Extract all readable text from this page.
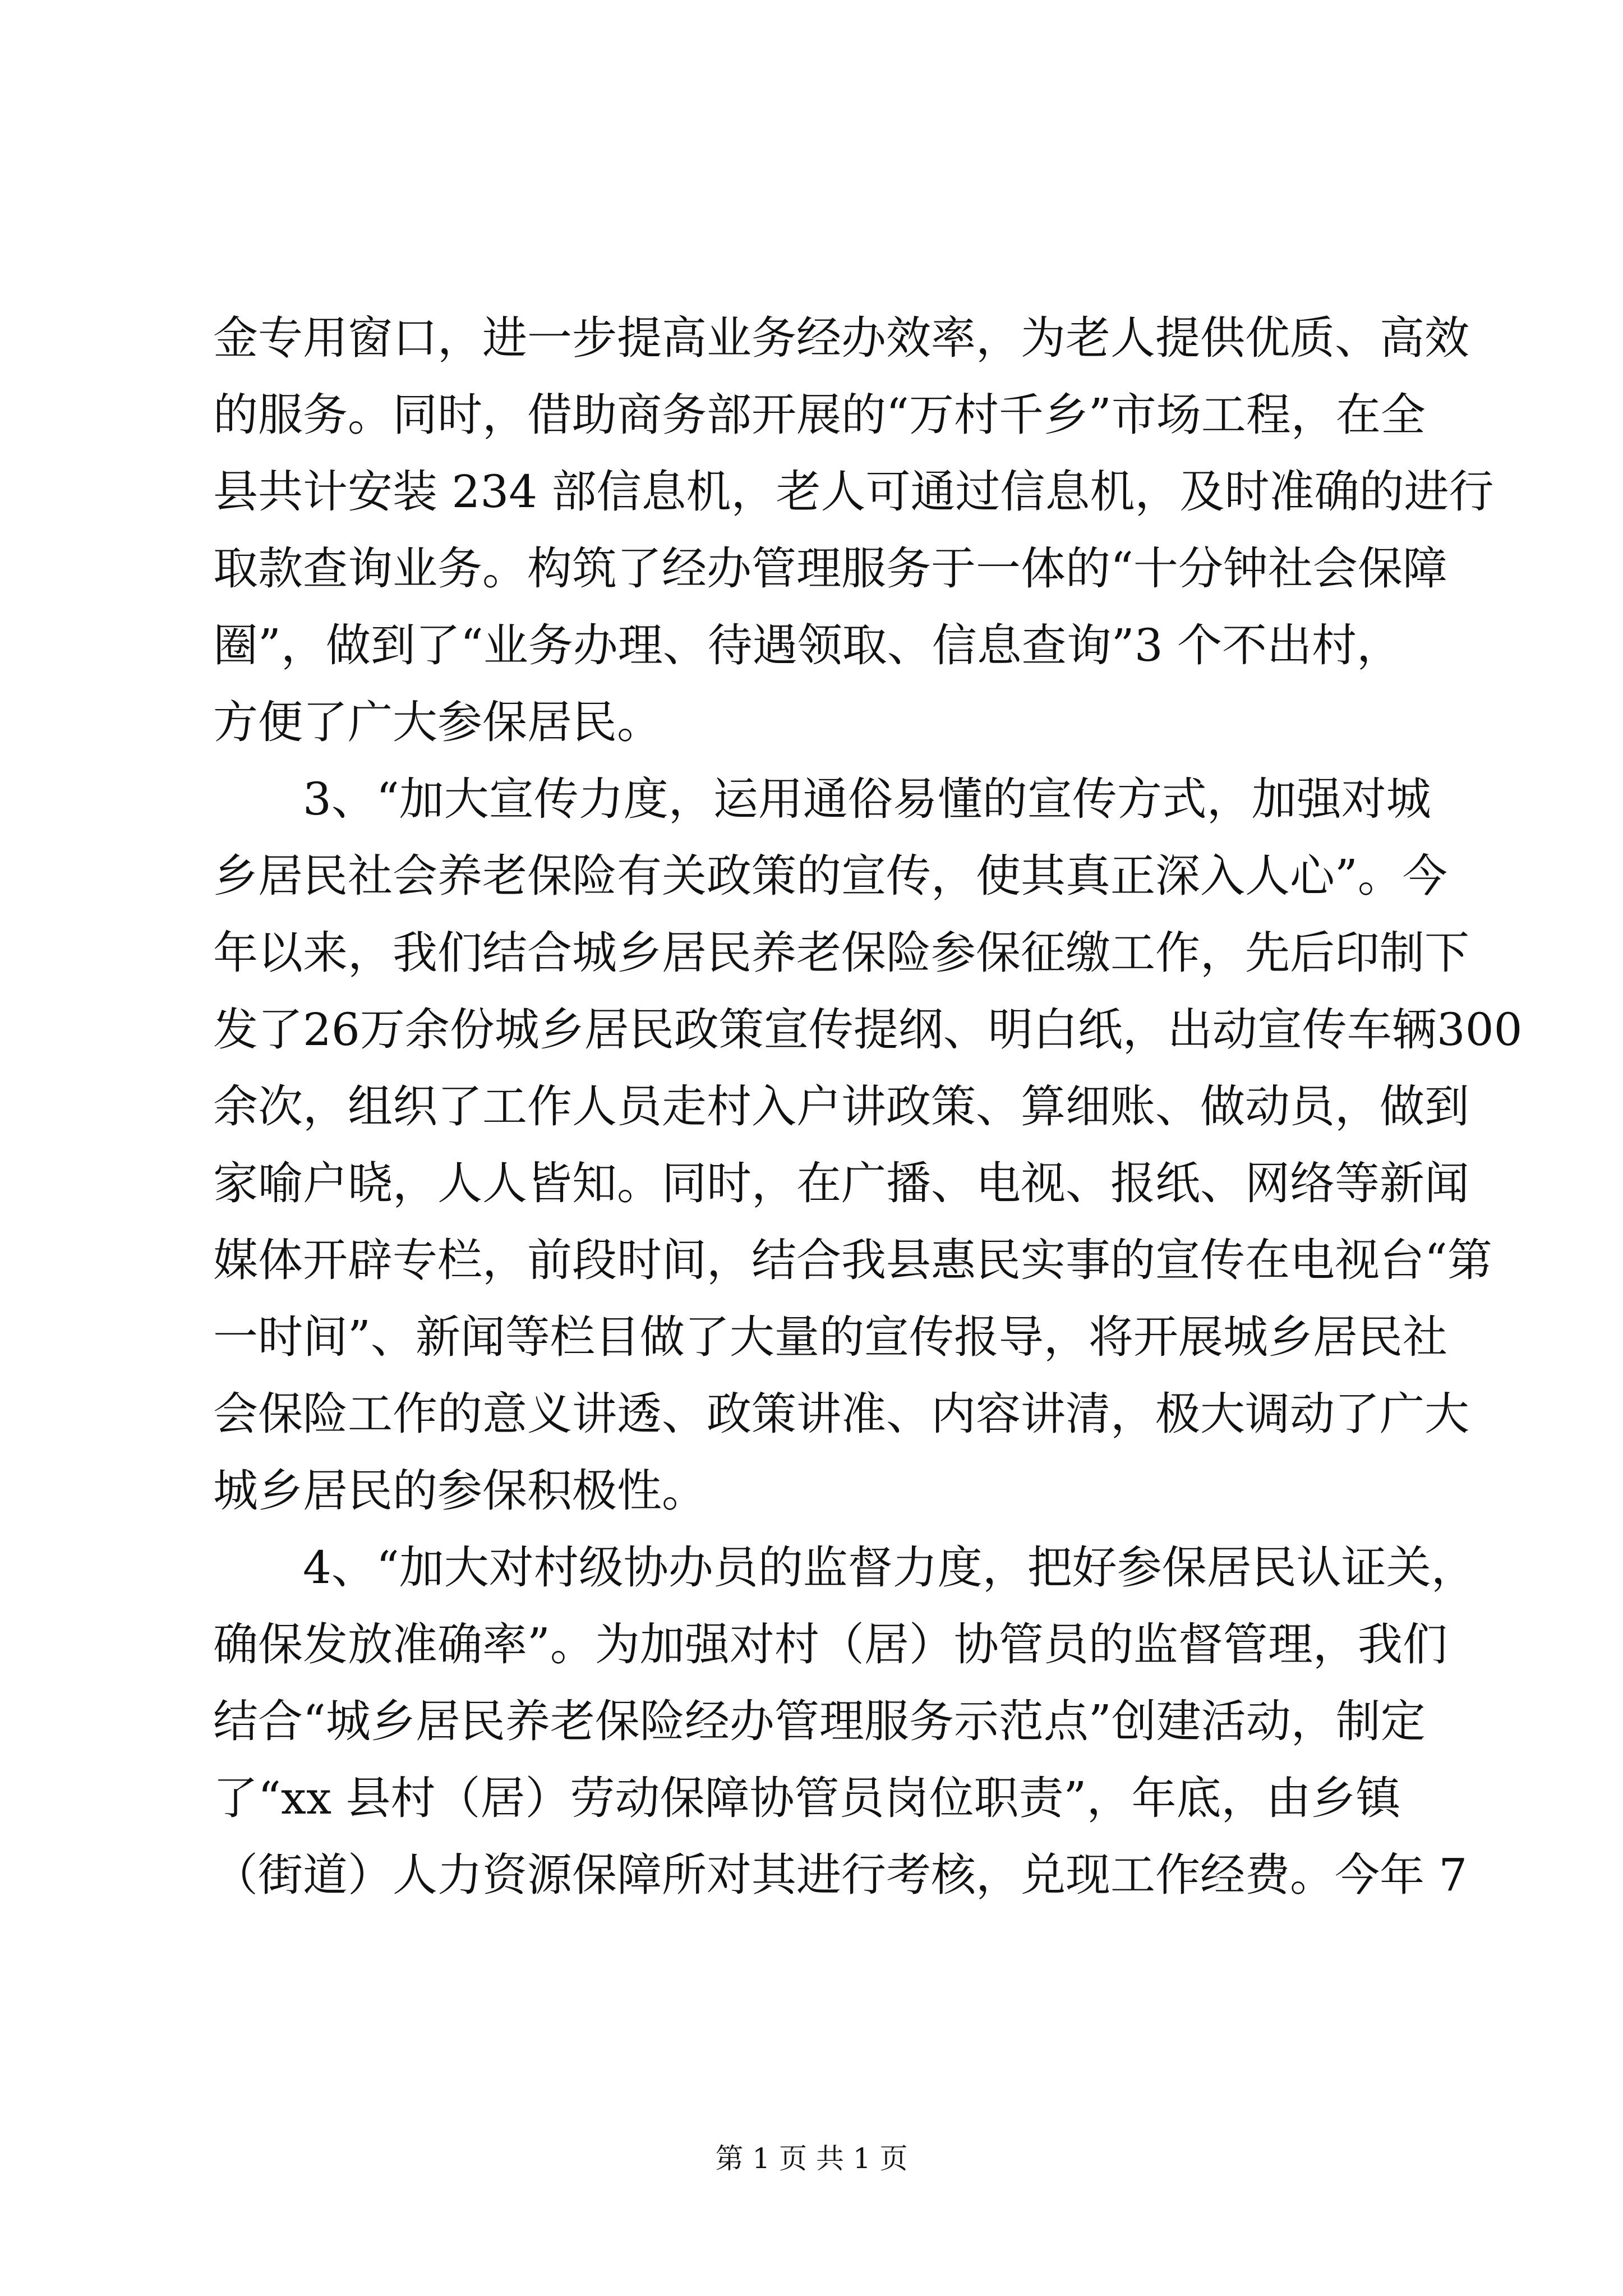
金专用窗口，进一步提高业务经办效率，为老人提供优质、高效
的服务。同时，借助商务部开展的“万村千乡”市场工程，在全
县共计安装 234 部信息机，老人可通过信息机，及时准确的进行
取款查询业务。构筑了经办管理服务于一体的“十分钟社会保障
圈”，做到了“业务办理、待遇领取、信息查询”3 个不出村，
方便了广大参保居民。
　　3、“加大宣传力度，运用通俗易懂的宣传方式，加强对城
乡居民社会养老保险有关政策的宣传，使其真正深入人心”。今
年以来，我们结合城乡居民养老保险参保征缴工作，先后印制下
发了26万余份城乡居民政策宣传提纲、明白纸，出动宣传车辆300
余次，组织了工作人员走村入户讲政策、算细账、做动员，做到
家喻户晓，人人皆知。同时，在广播、电视、报纸、网络等新闻
媒体开辟专栏，前段时间，结合我县惠民实事的宣传在电视台“第
一时间”、新闻等栏目做了大量的宣传报导，将开展城乡居民社
会保险工作的意义讲透、政策讲准、内容讲清，极大调动了广大
城乡居民的参保积极性。
　　4、“加大对村级协办员的监督力度，把好参保居民认证关，
确保发放准确率”。为加强对村（居）协管员的监督管理，我们
结合“城乡居民养老保险经办管理服务示范点”创建活动，制定
了“xx 县村（居）劳动保障协管员岗位职责”，年底，由乡镇
（街道）人力资源保障所对其进行考核，兑现工作经费。今年 7
第 1 页 共 1 页
